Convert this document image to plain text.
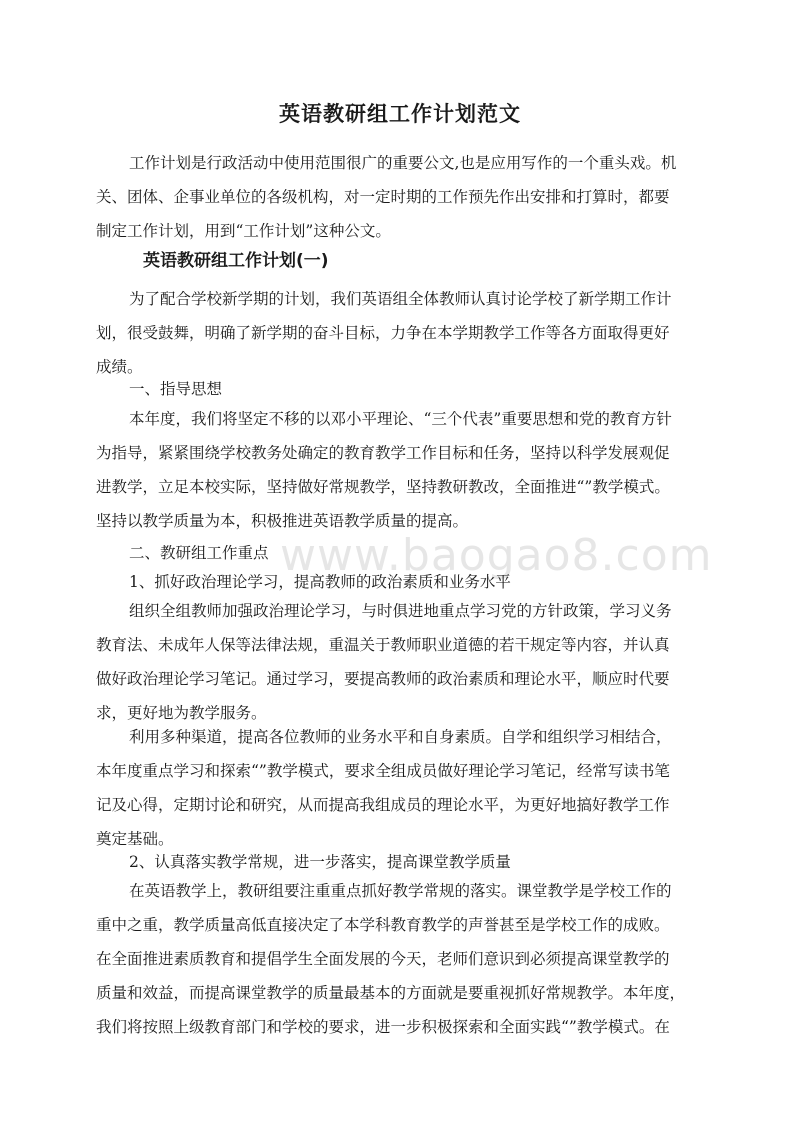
www.baogao8.com
英语教研组工作计划范文
工作计划是行政活动中使用范围很广的重要公文,也是应用写作的一个重头戏。机
关、团体、企事业单位的各级机构，对一定时期的工作预先作出安排和打算时，都要
制定工作计划，用到“工作计划”这种公文。
英语教研组工作计划(一)
为了配合学校新学期的计划，我们英语组全体教师认真讨论学校了新学期工作计
划，很受鼓舞，明确了新学期的奋斗目标，力争在本学期教学工作等各方面取得更好
成绩。
一、指导思想
本年度，我们将坚定不移的以邓小平理论、“三个代表”重要思想和党的教育方针
为指导，紧紧围绕学校教务处确定的教育教学工作目标和任务，坚持以科学发展观促
进教学，立足本校实际，坚持做好常规教学，坚持教研教改，全面推进“”教学模式。
坚持以教学质量为本，积极推进英语教学质量的提高。
二、教研组工作重点
1、抓好政治理论学习，提高教师的政治素质和业务水平
组织全组教师加强政治理论学习，与时俱进地重点学习党的方针政策，学习义务
教育法、未成年人保等法律法规，重温关于教师职业道德的若干规定等内容，并认真
做好政治理论学习笔记。通过学习，要提高教师的政治素质和理论水平，顺应时代要
求，更好地为教学服务。
利用多种渠道，提高各位教师的业务水平和自身素质。自学和组织学习相结合，
本年度重点学习和探索“”教学模式，要求全组成员做好理论学习笔记，经常写读书笔
记及心得，定期讨论和研究，从而提高我组成员的理论水平，为更好地搞好教学工作
奠定基础。
2、认真落实教学常规，进一步落实，提高课堂教学质量
在英语教学上，教研组要注重重点抓好教学常规的落实。课堂教学是学校工作的
重中之重，教学质量高低直接决定了本学科教育教学的声誉甚至是学校工作的成败。
在全面推进素质教育和提倡学生全面发展的今天，老师们意识到必须提高课堂教学的
质量和效益，而提高课堂教学的质量最基本的方面就是要重视抓好常规教学。本年度，
我们将按照上级教育部门和学校的要求，进一步积极探索和全面实践“”教学模式。在
